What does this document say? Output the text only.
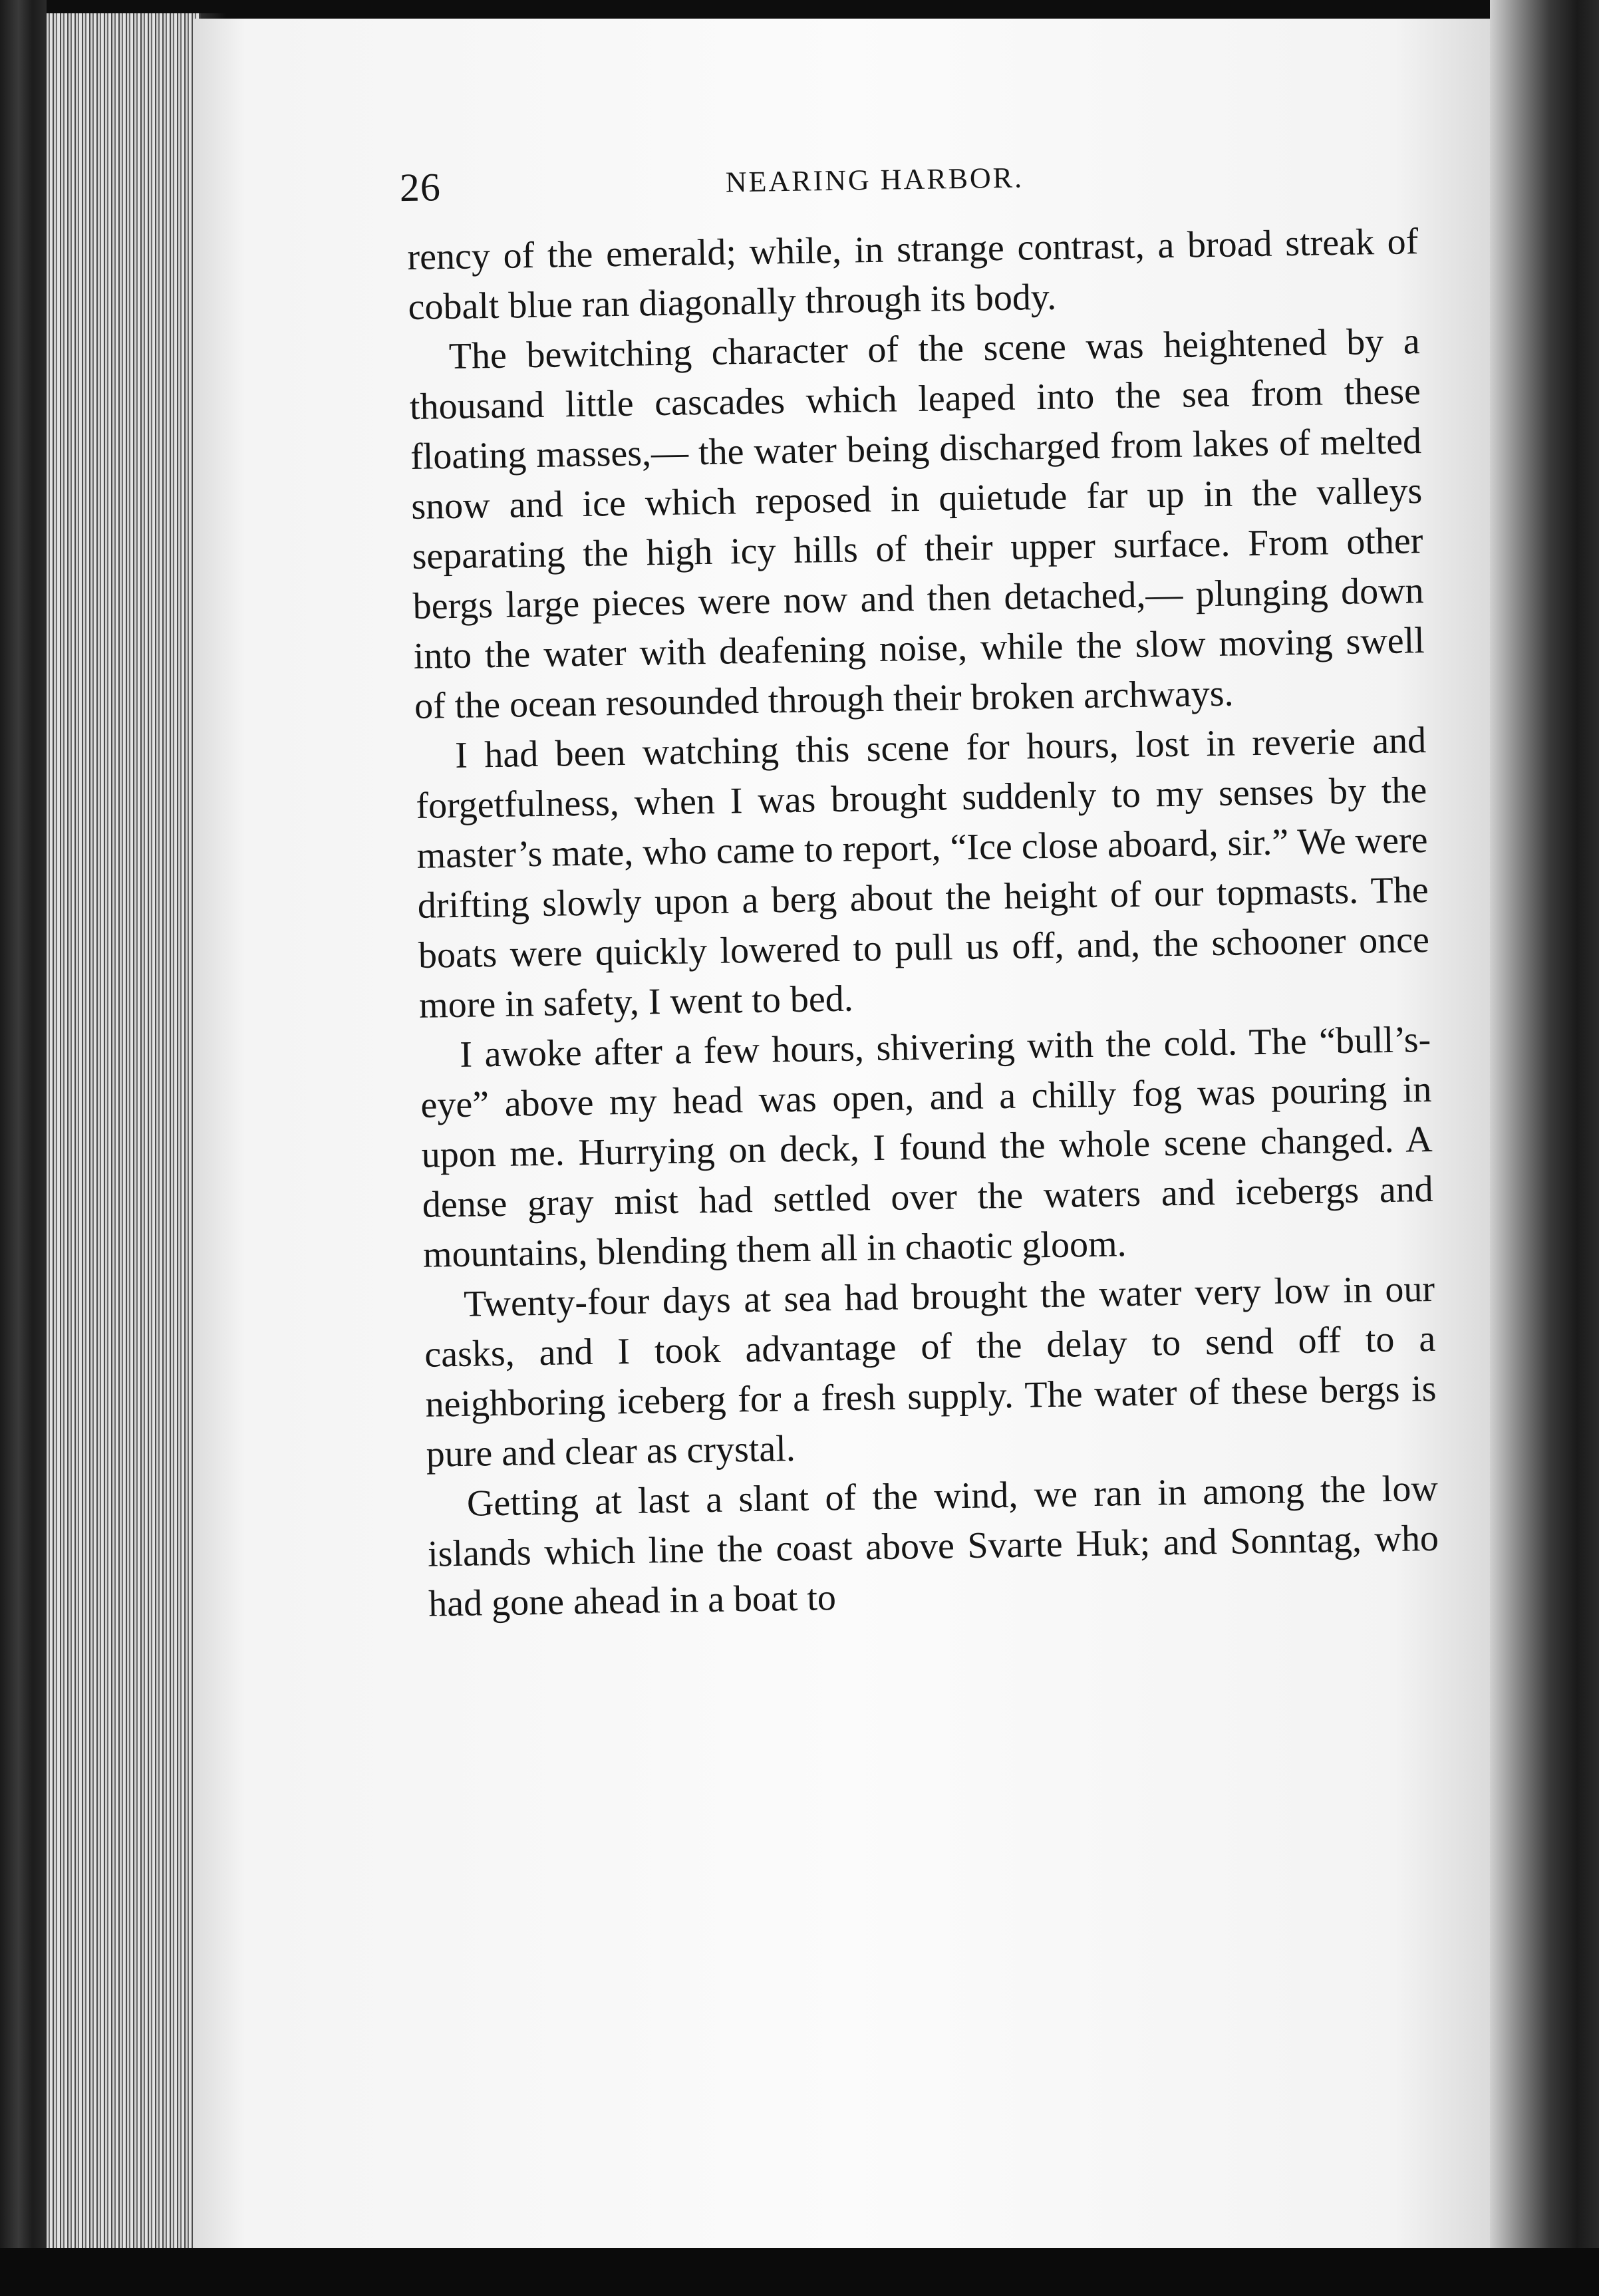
26	NEARING HARBOR.

rency of the emerald; while, in strange contrast, a broad streak of cobalt blue ran diagonally through its body.

The bewitching character of the scene was heightened by a thousand little cascades which leaped into the sea from these floating masses,— the water being discharged from lakes of melted snow and ice which reposed in quietude far up in the valleys separating the high icy hills of their upper surface. From other bergs large pieces were now and then detached,— plunging down into the water with deafening noise, while the slow moving swell of the ocean resounded through their broken archways.

I had been watching this scene for hours, lost in reverie and forgetfulness, when I was brought suddenly to my senses by the master’s mate, who came to report, “Ice close aboard, sir.” We were drifting slowly upon a berg about the height of our topmasts. The boats were quickly lowered to pull us off, and, the schooner once more in safety, I went to bed.

I awoke after a few hours, shivering with the cold. The “bull’s-eye” above my head was open, and a chilly fog was pouring in upon me. Hurrying on deck, I found the whole scene changed. A dense gray mist had settled over the waters and icebergs and mountains, blending them all in chaotic gloom.

Twenty-four days at sea had brought the water very low in our casks, and I took advantage of the delay to send off to a neighboring iceberg for a fresh supply. The water of these bergs is pure and clear as crystal.

Getting at last a slant of the wind, we ran in among the low islands which line the coast above Svarte Huk; and Sonntag, who had gone ahead in a boat to
